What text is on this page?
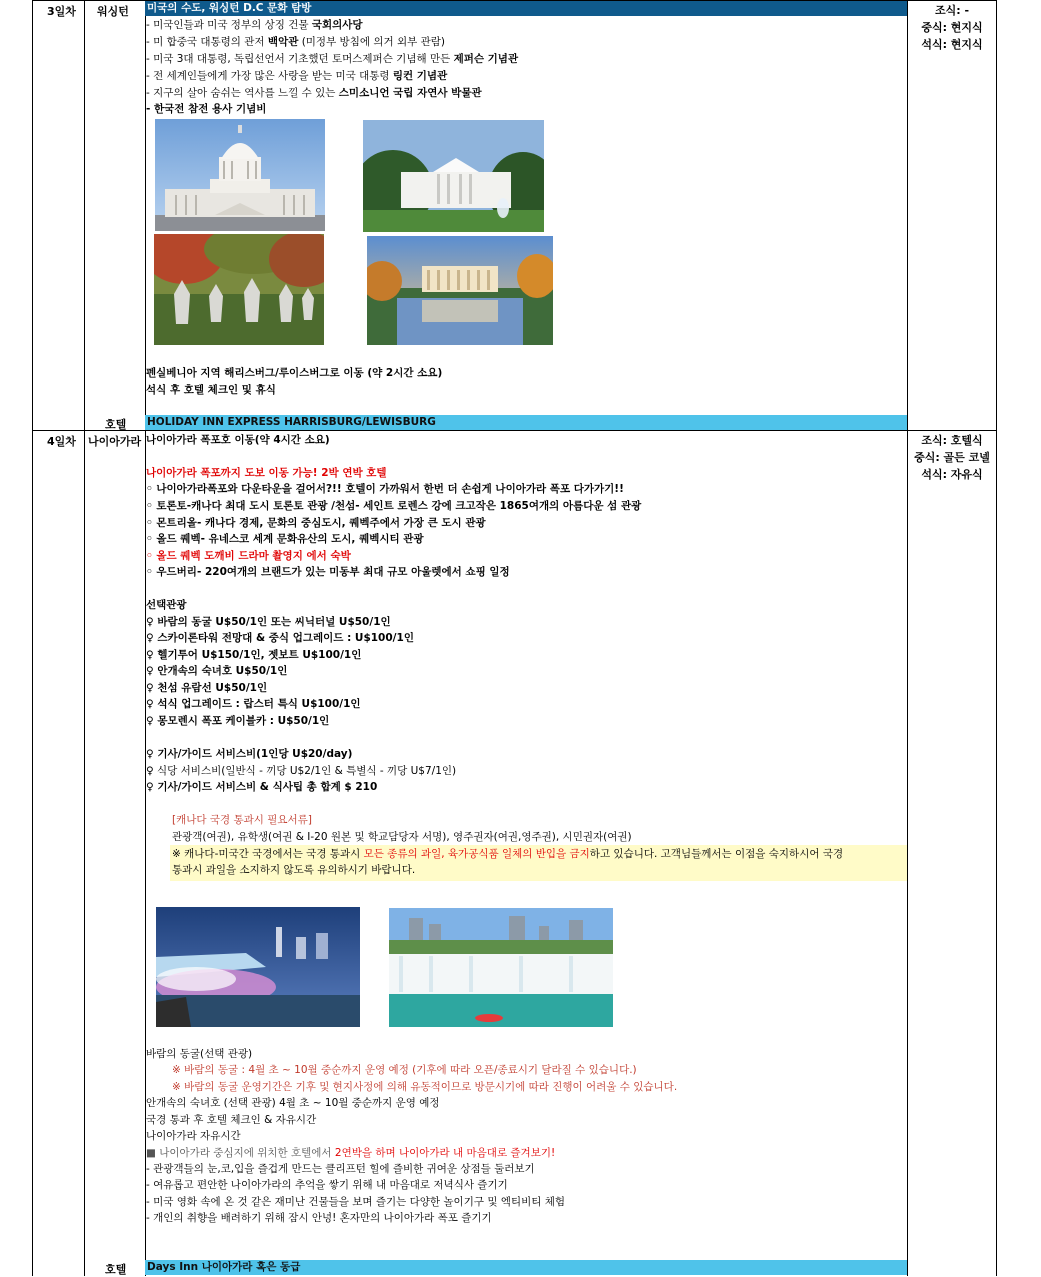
3일차 워싱턴 미국의 수도, 워싱턴 D.C 문화 탐방
- 미국인들과 미국 정부의 상징 건물 국회의사당
- 미 합중국 대통령의 관저 백악관 (미정부 방침에 의거 외부 관람)
- 미국 3대 대통령, 독립선언서 기초했던 토머스제퍼슨 기념해 만든 제퍼슨 기념관
- 전 세계인들에게 가장 많은 사랑을 받는 미국 대통령 링컨 기념관
- 지구의 살아 숨쉬는 역사를 느낄 수 있는 스미소니언 국립 자연사 박물관
- 한국전 참전 용사 기념비
펜실베니아 지역 해리스버그/루이스버그로 이동 (약 2시간 소요)
석식 후 호텔 체크인 및 휴식
호텔 HOLIDAY INN EXPRESS HARRISBURG/LEWISBURG
조식: -
중식: 현지식
석식: 현지식
4일차 나이아가라 나이아가라 폭포호 이동(약 4시간 소요)
나이아가라 폭포까지 도보 이동 가능! 2박 연박 호텔
◦ 나이아가라폭포와 다운타운을 걸어서?!! 호텔이 가까워서 한번 더 손쉽게 나이아가라 폭포 다가가기!!
◦ 토론토-캐나다 최대 도시 토론토 관광 /천섬- 세인트 로렌스 강에 크고작은 1865여개의 아름다운 섬 관광
◦ 몬트리올- 캐나다 경제, 문화의 중심도시, 퀘벡주에서 가장 큰 도시 관광
◦ 올드 퀘벡- 유네스코 세계 문화유산의 도시, 퀘벡시티 관광
◦ 올드 퀘벡 도깨비 드라마 촬영지 에서 숙박
◦ 우드버리- 220여개의 브랜드가 있는 미동부 최대 규모 아울렛에서 쇼핑 일정
선택관광
♀ 바람의 동굴 U$50/1인 또는 씨닉터널 U$50/1인
♀ 스카이론타워 전망대 & 중식 업그레이드 : U$100/1인
♀ 헬기투어 U$150/1인, 젯보트 U$100/1인
♀ 안개속의 숙녀호 U$50/1인
♀ 천섬 유람선 U$50/1인
♀ 석식 업그레이드 : 랍스터 특식 U$100/1인
♀ 몽모렌시 폭포 케이블카 : U$50/1인
♀ 기사/가이드 서비스비(1인당 U$20/day)
♀ 식당 서비스비(일반식 - 끼당 U$2/1인 & 특별식 - 끼당 U$7/1인)
♀ 기사/가이드 서비스비 & 식사팁 총 합계 $ 210
[캐나다 국경 통과시 필요서류]
관광객(여권), 유학생(여권 & I-20 원본 및 학교담당자 서명), 영주권자(여권,영주권), 시민권자(여권)
※ 캐나다-미국간 국경에서는 국경 통과시 모든 종류의 과일, 육가공식품 일체의 반입을 금지하고 있습니다. 고객님들께서는 이점을 숙지하시어 국경
통과시 과일을 소지하지 않도록 유의하시기 바랍니다.
바람의 동굴(선택 관광)
※ 바람의 동굴 : 4월 초 ~ 10월 중순까지 운영 예정 (기후에 따라 오픈/종료시기 달라질 수 있습니다.)
※ 바람의 동굴 운영기간은 기후 및 현지사정에 의해 유동적이므로 방문시기에 따라 진행이 어려울 수 있습니다.
안개속의 숙녀호 (선택 관광) 4월 초 ~ 10월 중순까지 운영 예정
국경 통과 후 호텔 체크인 & 자유시간
나이아가라 자유시간
■ 나이아가라 중심지에 위치한 호텔에서 2연박을 하며 나이아가라 내 마음대로 즐겨보기!
- 관광객들의 눈,코,입을 즐겁게 만드는 클리프턴 힐에 즐비한 귀여운 상점들 둘러보기
- 여유롭고 편안한 나이아가라의 추억을 쌓기 위해 내 마음대로 저녁식사 즐기기
- 미국 영화 속에 온 것 같은 재미난 건물들을 보며 즐기는 다양한 놀이기구 및 엑티비티 체험
- 개인의 취향을 배려하기 위해 잠시 안녕! 혼자만의 나이아가라 폭포 즐기기
호텔 Days Inn 나이아가라 혹은 동급
조식: 호텔식
중식: 골든 코넬
석식: 자유식
